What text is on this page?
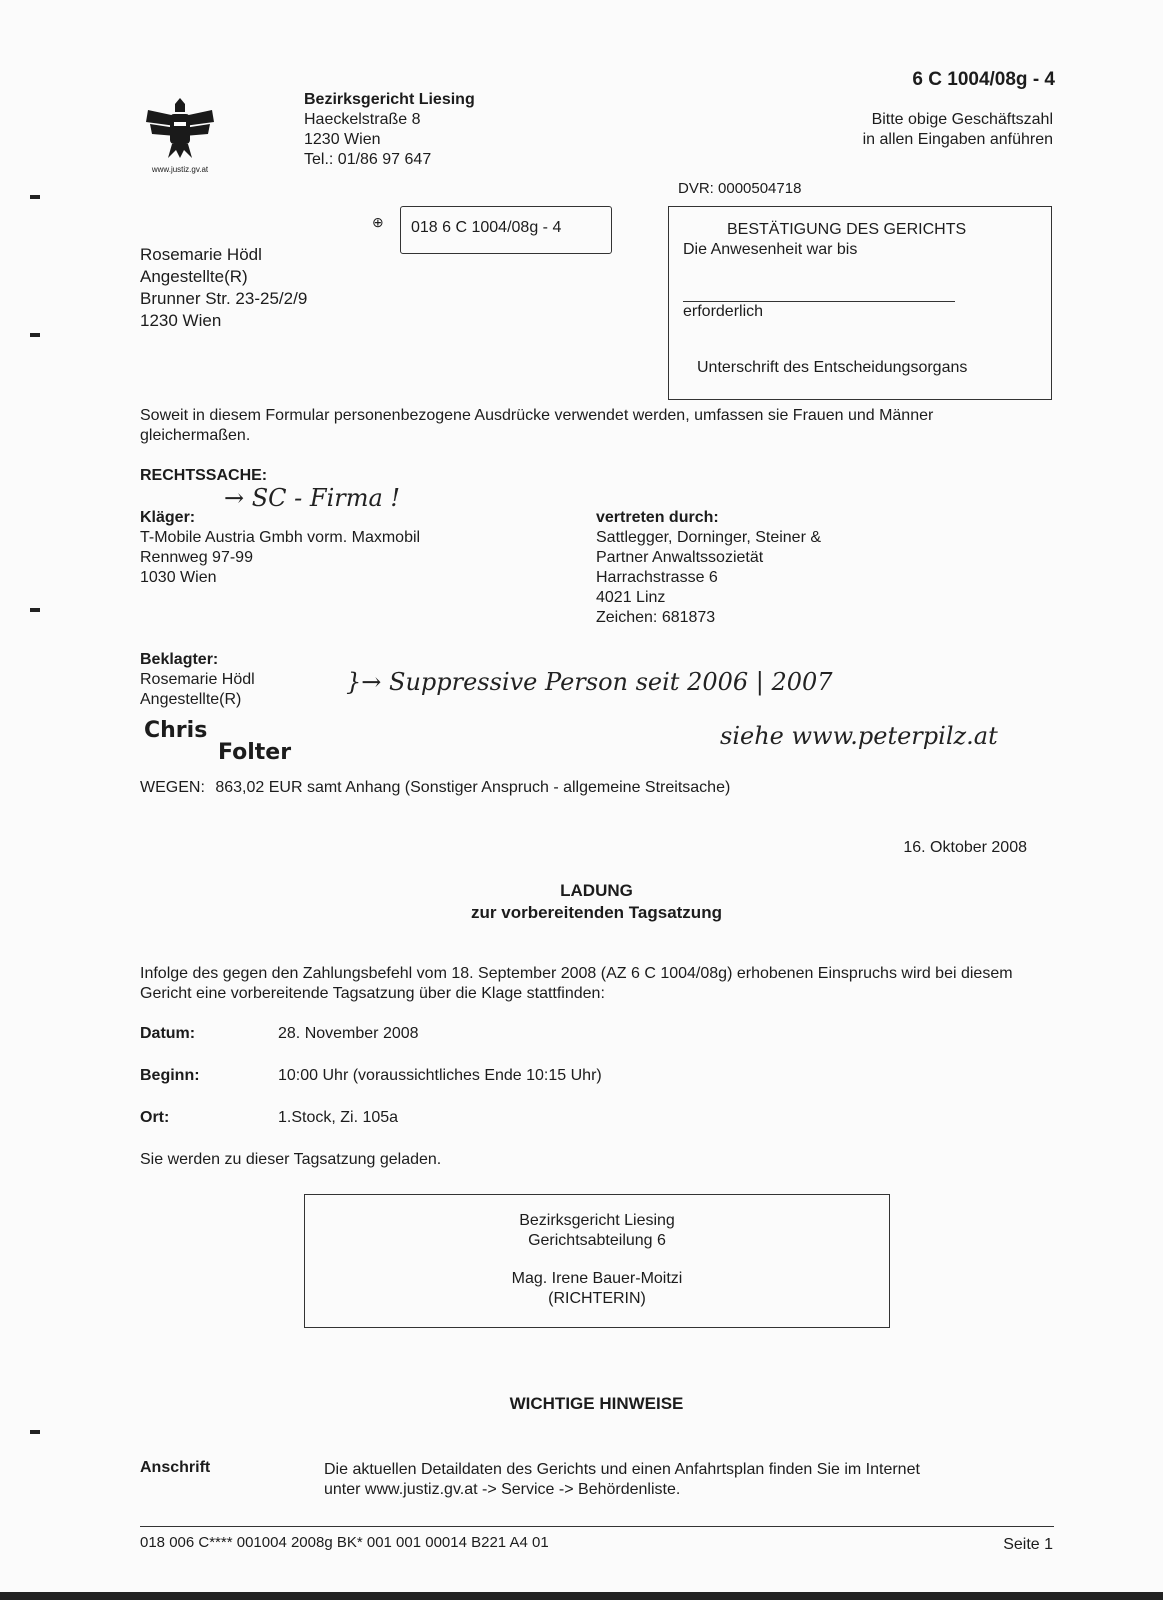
6 C 1004/08g - 4
Bitte obige Geschäftszahl
in allen Eingaben anführen
www.justiz.gv.at
Bezirksgericht Liesing
Haeckelstraße 8
1230 Wien
Tel.: 01/86 97 647
DVR: 0000504718
⊕ 018 6 C 1004/08g - 4
Rosemarie Hödl
Angestellte(R)
Brunner Str. 23-25/2/9
1230 Wien
BESTÄTIGUNG DES GERICHTS
Die Anwesenheit war bis
erforderlich
Unterschrift des Entscheidungsorgans
Soweit in diesem Formular personenbezogene Ausdrücke verwendet werden, umfassen sie Frauen und Männer gleichermaßen.
RECHTSSACHE:
Kläger:
T-Mobile Austria Gmbh vorm. Maxmobil
Rennweg 97-99
1030 Wien
vertreten durch:
Sattlegger, Dorninger, Steiner &
Partner Anwaltssozietät
Harrachstrasse 6
4021 Linz
Zeichen: 681873
Beklagter:
Rosemarie Hödl
Angestellte(R)
→ SC - Firma !
}→ Suppressive Person seit 2006 | 2007
siehe www.peterpilz.at
Chris
Folter
WEGEN: 863,02 EUR samt Anhang (Sonstiger Anspruch - allgemeine Streitsache)
16. Oktober 2008
LADUNG
zur vorbereitenden Tagsatzung
Infolge des gegen den Zahlungsbefehl vom 18. September 2008 (AZ 6 C 1004/08g) erhobenen Einspruchs wird bei diesem Gericht eine vorbereitende Tagsatzung über die Klage stattfinden:
Datum:	28. November 2008
Beginn:	10:00 Uhr (voraussichtliches Ende 10:15 Uhr)
Ort:	1.Stock, Zi. 105a
Sie werden zu dieser Tagsatzung geladen.
Bezirksgericht Liesing
Gerichtsabteilung 6
Mag. Irene Bauer-Moitzi
(RICHTERIN)
WICHTIGE HINWEISE
Anschrift	Die aktuellen Detaildaten des Gerichts und einen Anfahrtsplan finden Sie im Internet
unter www.justiz.gv.at -> Service -> Behördenliste.
018 006 C**** 001004 2008g BK* 001 001 00014 B221 A4 01	Seite 1
